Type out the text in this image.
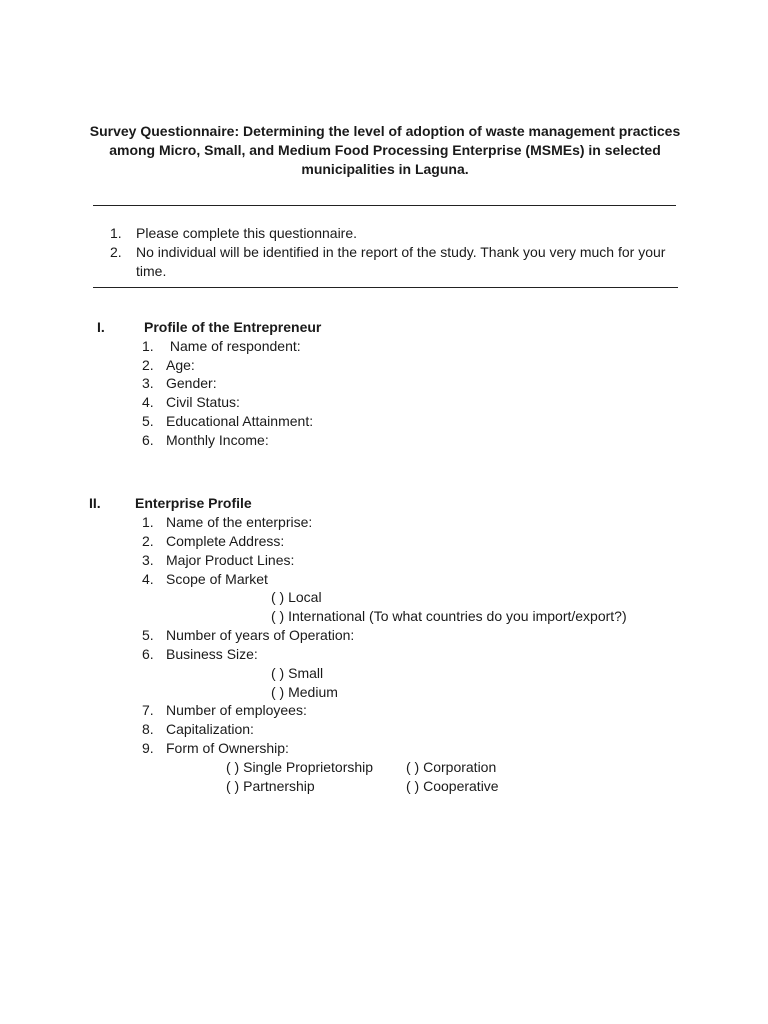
Survey Questionnaire: Determining the level of adoption of waste management practices
among Micro, Small, and Medium Food Processing Enterprise (MSMEs) in selected
municipalities in Laguna.
1.	Please complete this questionnaire.
2.	No individual will be identified in the report of the study. Thank you very much for your time.
I.	Profile of the Entrepreneur
1. Name of respondent:
2. Age:
3. Gender:
4. Civil Status:
5. Educational Attainment:
6. Monthly Income:
II. Enterprise Profile
1. Name of the enterprise:
2. Complete Address:
3. Major Product Lines:
4. Scope of Market
( ) Local
( ) International (To what countries do you import/export?)
5. Number of years of Operation:
6. Business Size:
( ) Small
( ) Medium
7. Number of employees:
8. Capitalization:
9. Form of Ownership:
( ) Single Proprietorship ( ) Corporation
( ) Partnership	( ) Cooperative
